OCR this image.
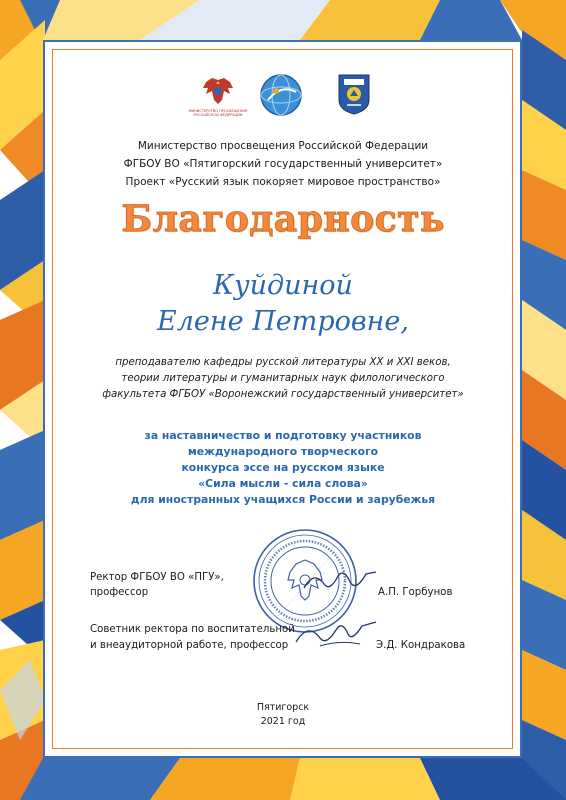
МИНИСТЕРСТВО ПРОСВЕЩЕНИЯ РОССИЙСКОЙ ФЕДЕРАЦИИ
Министерство просвещения Российской Федерации
ФГБОУ ВО «Пятигорский государственный университет»
Проект «Русский язык покоряет мировое пространство»
Благодарность
Куйдиной
Елене Петровне,
преподавателю кафедры русской литературы XX и XXI веков,
теории литературы и гуманитарных наук филологического
факультета ФГБОУ «Воронежский государственный университет»
за наставничество и подготовку участников
международного творческого
конкурса эссе на русском языке
«Сила мысли - сила слова»
для иностранных учащихся России и зарубежья
Ректор ФГБОУ ВО «ПГУ»,
профессор	А.П. Горбунов
Советник ректора по воспитательной
и внеаудиторной работе, профессор	Э.Д. Кондракова
Пятигорск
2021 год
